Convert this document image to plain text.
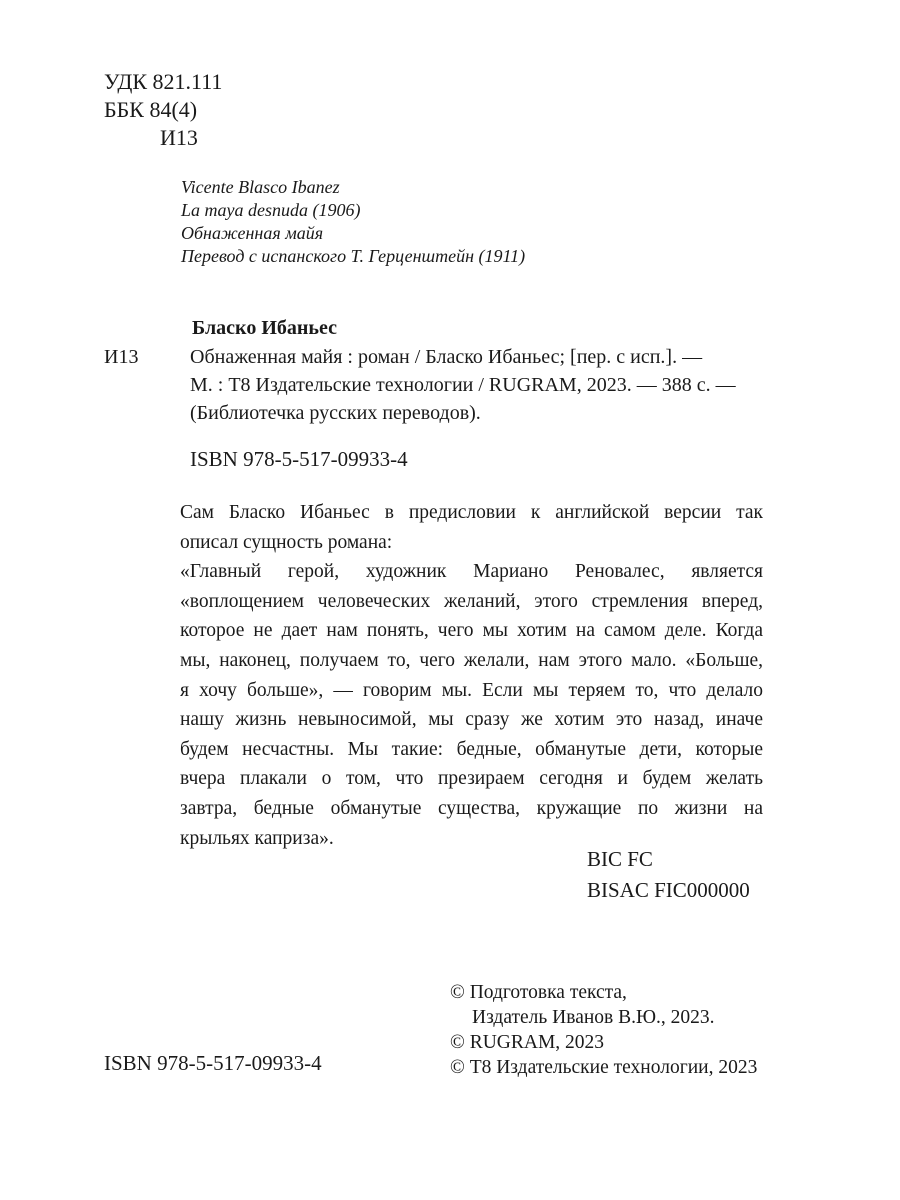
УДК 821.111
ББК 84(4)
И13
Vicente Blasco Ibanez
La maya desnuda (1906)
Обнаженная майя
Перевод с испанского Т. Герценштейн (1911)
Бласко Ибаньес
И13	Обнаженная майя : роман / Бласко Ибаньес; [пер. с исп.]. —
М. : Т8 Издательские технологии / RUGRAM, 2023. — 388 с. —
(Библиотечка русских переводов).
ISBN 978-5-517-09933-4

Сам Бласко Ибаньес в предисловии к английской версии так

описал сущность романа:

«Главный герой, художник Мариано Реновалес, является

«воплощением человеческих желаний, этого стремления вперед,

которое не дает нам понять, чего мы хотим на самом деле. Когда

мы, наконец, получаем то, чего желали, нам этого мало. «Больше,

я хочу больше», — говорим мы. Если мы теряем то, что делало

нашу жизнь невыносимой, мы сразу же хотим это назад, иначе

будем несчастны. Мы такие: бедные, обманутые дети, которые

вчера плакали о том, что презираем сегодня и будем желать

завтра, бедные обманутые существа, кружащие по жизни на

крыльях каприза».

BIC FC
BISAC FIC000000
ISBN 978-5-517-09933-4
© Подготовка текста,
Издатель Иванов В.Ю., 2023.
© RUGRAM, 2023
© Т8 Издательские технологии, 2023
